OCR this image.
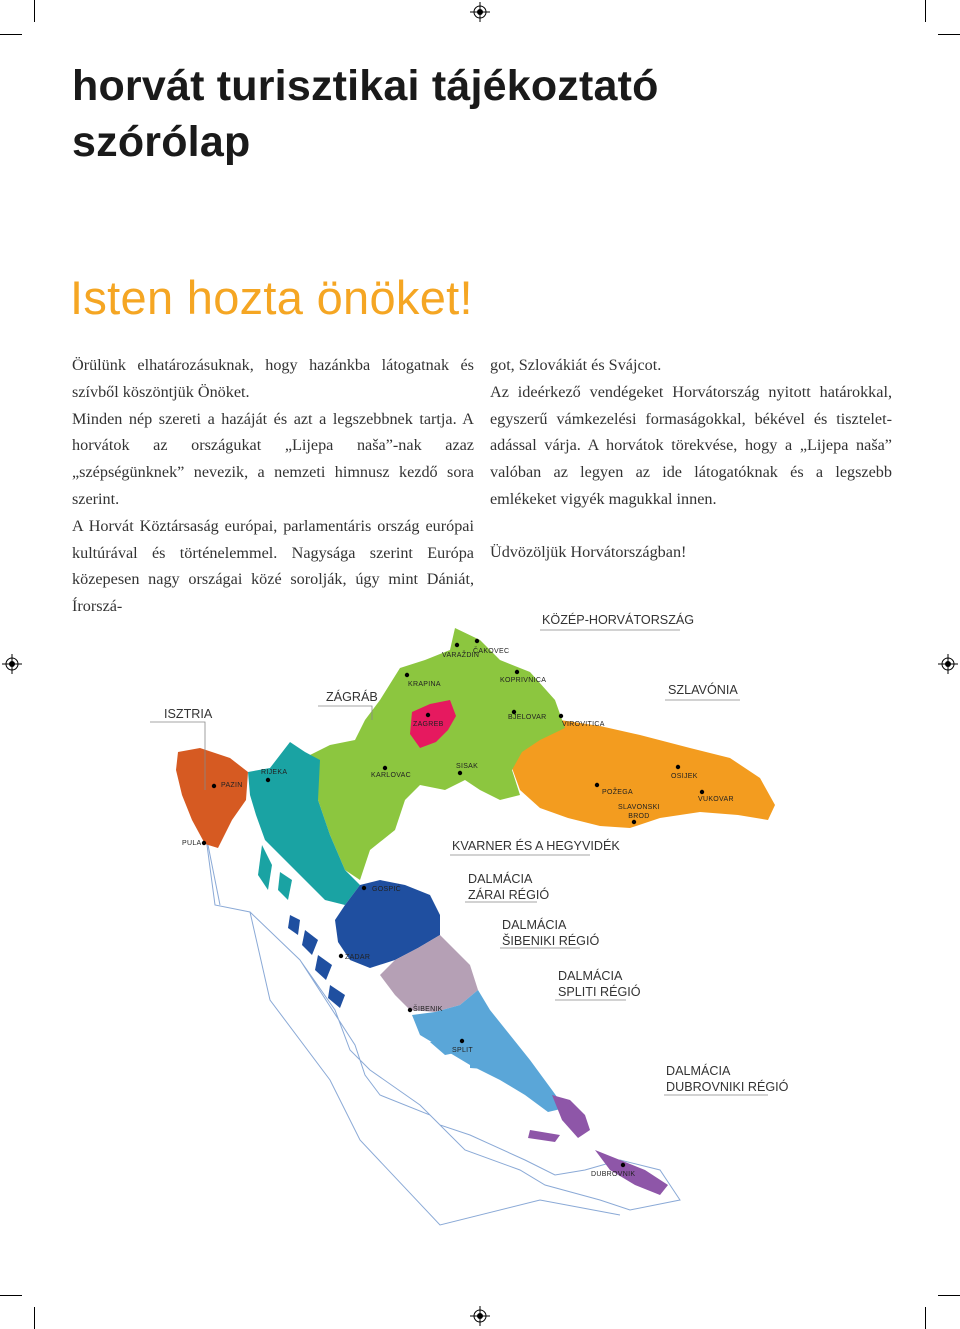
horvát turisztikai tájékoztató szórólap
Isten hozta önöket!

Örülünk elhatározásuknak, hogy hazánkba látogatnak és szívből köszöntjük Önöket.

Minden nép szereti a hazáját és azt a legszebbnek tartja. A horvátok az országukat „Lijepa naša”-nak azaz „szépségünknek” nevezik, a nemzeti himnusz kezdő sora szerint.

A Horvát Köztársaság európai, parlamentáris ország európai kultúrával és történelemmel. Nagysága szerint Európa közepesen nagy országai közé sorolják, úgy mint Dániát, Írorszá-

got, Szlovákiát és Svájcot.

Az ideérkező vendégeket Horvátország nyitott határokkal, egyszerű vámkezelési formaságokkal, békével és tisztelet-adással várja. A horvátok törekvése, hogy a „Lijepa naša” valóban az legyen az ide látogatóknak és a legszebb emlékeket vigyék magukkal innen.

Üdvözöljük Horvátországban!

KÖZÉP-HORVÁTORSZÁG
SZLAVÓNIA
ISZTRIA
ZÁGRÁB
KVARNER ÉS A HEGYVIDÉK
DALMÁCIA
ZÁRAI RÉGIÓ
DALMÁCIA
ŠIBENIKI RÉGIÓ
DALMÁCIA
SPLITI RÉGIÓ
DALMÁCIA
DUBROVNIKI RÉGIÓ
VARAŽDIN
ČAKOVEC
KRAPINA
KOPRIVNICA
ZAGREB
BJELOVAR
VIROVITICA
PAZIN
RIJEKA	KARLOVAC
SISAK
POŽEGA
OSIJEK
SLAVONSKI
BROD
VUKOVAR
PULA
GOSPIĆ
ZADAR
ŠIBENIK
SPLIT
DUBROVNIK
